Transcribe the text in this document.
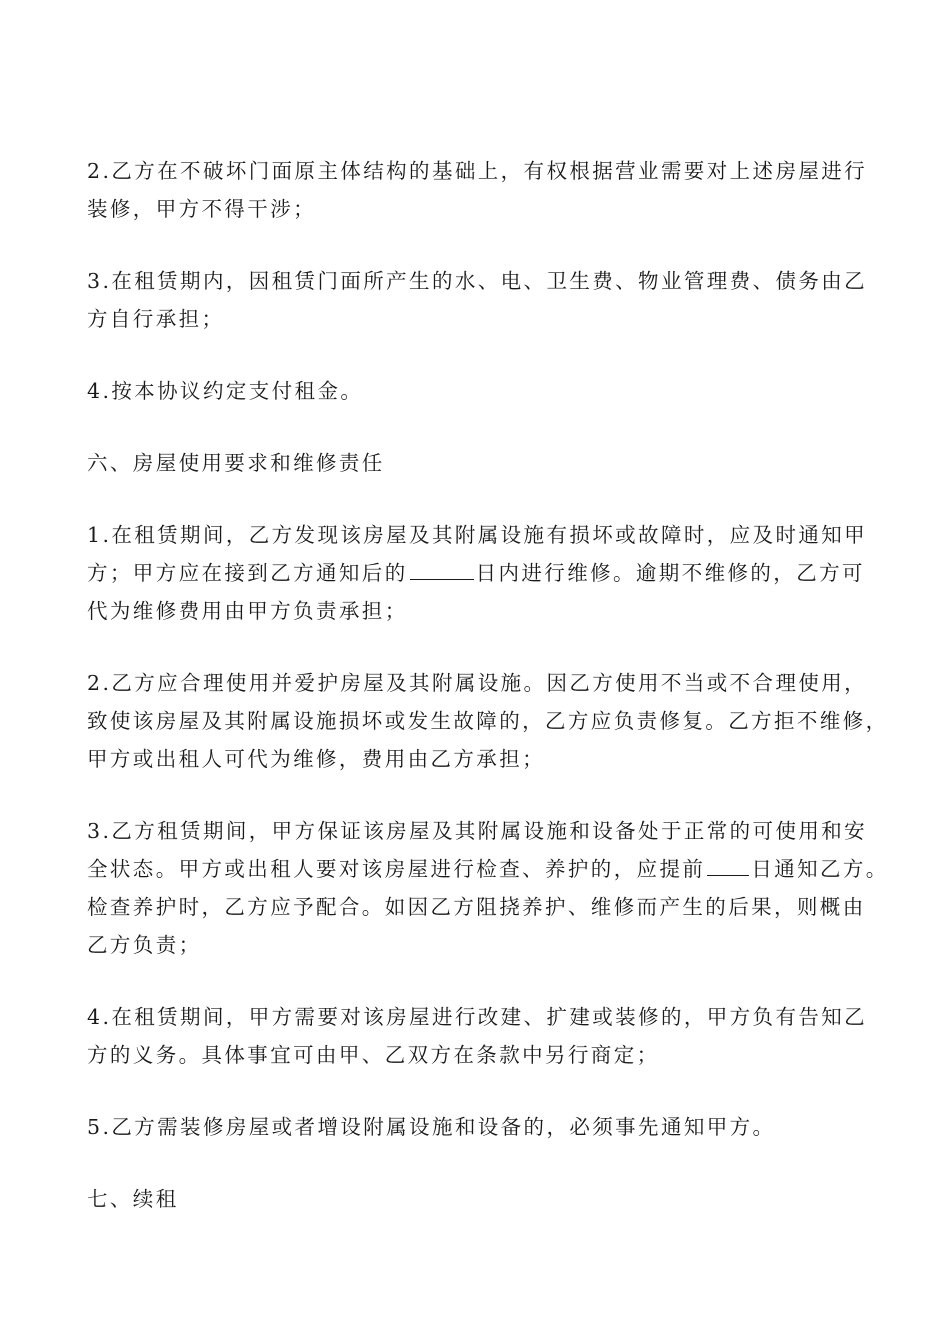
2.乙方在不破坏门面原主体结构的基础上，有权根据营业需要对上述房屋进行
装修，甲方不得干涉；

3.在租赁期内，因租赁门面所产生的水、电、卫生费、物业管理费、债务由乙
方自行承担；

4.按本协议约定支付租金。

六、房屋使用要求和维修责任

1.在租赁期间，乙方发现该房屋及其附属设施有损坏或故障时，应及时通知甲
方；甲方应在接到乙方通知后的	日内进行维修。逾期不维修的，乙方可
代为维修费用由甲方负责承担；

2.乙方应合理使用并爱护房屋及其附属设施。因乙方使用不当或不合理使用，
致使该房屋及其附属设施损坏或发生故障的，乙方应负责修复。乙方拒不维修，
甲方或出租人可代为维修，费用由乙方承担；

3.乙方租赁期间，甲方保证该房屋及其附属设施和设备处于正常的可使用和安
全状态。甲方或出租人要对该房屋进行检查、养护的，应提前 日通知乙方。
检查养护时，乙方应予配合。如因乙方阻挠养护、维修而产生的后果，则概由
乙方负责；

4.在租赁期间，甲方需要对该房屋进行改建、扩建或装修的，甲方负有告知乙
方的义务。具体事宜可由甲、乙双方在条款中另行商定；

5.乙方需装修房屋或者增设附属设施和设备的，必须事先通知甲方。

七、续租
